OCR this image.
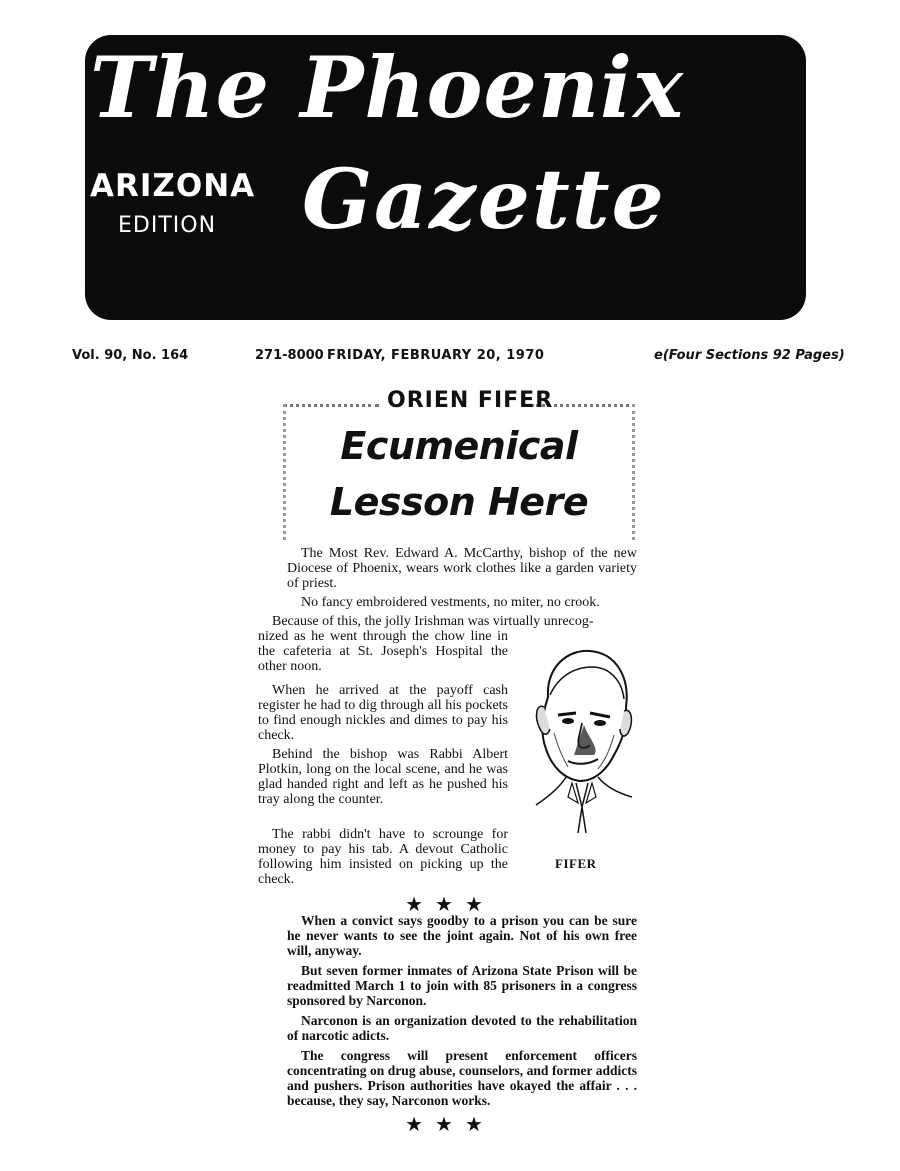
The Phoenix
ARIZONA
EDITION Gazette
Vol. 90, No. 164	271-8000 FRIDAY, FEBRUARY 20, 1970	e(Four Sections 92 Pages)
ORIEN FIFER
Ecumenical
Lesson Here

The Most Rev. Edward A. McCarthy, bishop of the new Diocese of Phoenix, wears work clothes like a garden variety of priest.

No fancy embroidered vestments, no miter, no crook.

Because of this, the jolly Irishman was virtually unrecog-

nized as he went through the chow line in the cafeteria at St. Joseph's Hospital the other noon.

When he arrived at the payoff cash register he had to dig through all his pockets to find enough nickles and dimes to pay his check.

Behind the bishop was Rabbi Albert Plotkin, long on the local scene, and he was glad handed right and left as he pushed his tray along the counter.

The rabbi didn't have to scrounge for money to pay his tab. A devout Catholic following him insisted on picking up the check.

FIFER
★★★

When a convict says goodby to a prison you can be sure he never wants to see the joint again. Not of his own free will, anyway.

But seven former inmates of Arizona State Prison will be readmitted March 1 to join with 85 prisoners in a congress sponsored by Narconon.

Narconon is an organization devoted to the rehabilitation of narcotic adicts.

The congress will present enforcement officers concentrating on drug abuse, counselors, and former addicts and pushers. Prison authorities have okayed the affair . . . because, they say, Narconon works.

★★★
